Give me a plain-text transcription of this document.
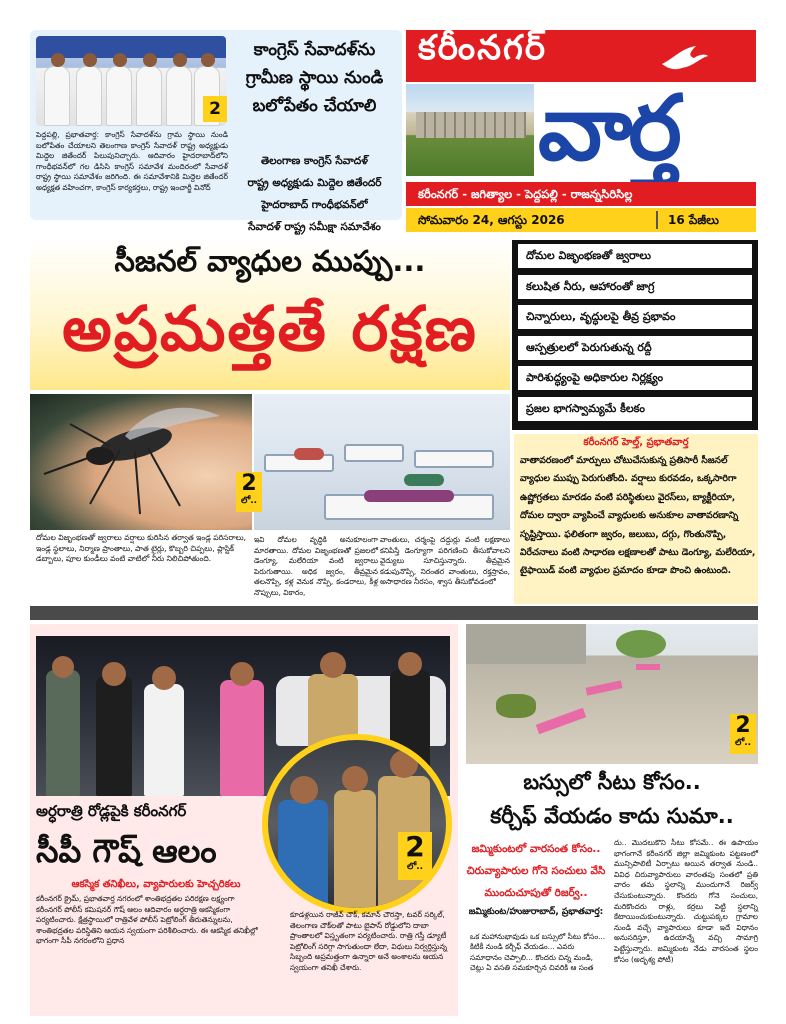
2
కాంగ్రెస్ సేవాదళ్‌ను గ్రామీణ స్థాయి నుండి బలోపేతం చేయాలి
తెలంగాణ కాంగ్రెస్ సేవాదళ్
రాష్ట్ర అధ్యక్షుడు మిద్దెల జితేందర్
హైదరాబాద్ గాంధీభవన్‌లో
సేవాదళ్ రాష్ట్ర సమీక్షా సమావేశం
పెద్దపల్లి, ప్రభాతవార్త: కాంగ్రెస్ సేవాదళ్‌ను గ్రామ స్థాయి నుండి బలోపేతం చేయాలని తెలంగాణ కాంగ్రెస్ సేవాదళ్ రాష్ట్ర అధ్యక్షుడు మిద్దెల జితేందర్ పిలుపునిచ్చారు. ఆదివారం హైదరాబాద్‌లోని గాంధీభవన్‌లో గల డిసిసి కాంగ్రెస్ సమావేశ మందిరంలో సేవాదళ్ రాష్ట్ర స్థాయి సమావేశం జరిగింది. ఈ సమావేశానికి మిద్దెల జితేందర్ అధ్యక్షత వహించగా, కాంగ్రెస్ కార్యకర్తలు, రాష్ట్ర ఇంచార్జీ వినోద్
కరీంనగర్
వార్త
కరీంనగర్ - జగిత్యాల - పెద్దపల్లి - రాజన్నసిరిసిల్ల
సోమవారం 24, ఆగస్టు 2026	16 పేజీలు
సీజనల్ వ్యాధుల ముప్పు...
అప్రమత్తతే రక్షణ
దోమల విజృంభణతో జ్వరాలు
కలుషిత నీరు, ఆహారంతో జాగ్ర
చిన్నారులు, వృద్ధులపై తీవ్ర ప్రభావం
ఆస్పత్రులలో పెరుగుతున్న రద్దీ
పారిశుద్ధ్యంపై అధికారుల నిర్లక్ష్యం
ప్రజల భాగస్వామ్యమే కీలకం
2
లో..
దోమల విజృంభణతో జ్వరాలు వర్షాలు కురిసిన తర్వాత ఇండ్ల పరిసరాలు, ఇండ్ల స్థలాలు, నిర్మాణ ప్రాంతాలు, పాత టైర్లు, కొబ్బరి చిప్పలు, ప్లాస్టిక్ డబ్బాలు, పూల కుండీలు వంటి వాటిలో నీరు నిలిచిపోతుంది.
ఇవి దోమల వృద్ధికి అనుకూలంగా మారతాయి. దోమల విజృంభణతో ప్రజలలో డెంగ్యూ, మలేరియా వంటి జ్వరాలు పెరుగుతాయి. అధిక జ్వరం, తీవ్రమైన తలనొప్పి, కళ్ల వెనుక నొప్పి, కండరాలు, కీళ్ల నొప్పులు, వికారం,
వాంతులు, చర్మంపై దద్దుర్లు వంటి లక్షణాలు కనిపిస్తే డెంగ్యూగా పరిగణించి తీసుకోవాలని వైద్యులు సూచిస్తున్నారు. తీవ్రమైన కడుపునొప్పి, నిరంతర వాంతులు, రక్తస్రావం, అసాధారణ నీరసం, శ్వాస తీసుకోవడంలో
కరీంనగర్ హెల్త్, ప్రభాతవార్త
వాతావరణంలో మార్పులు చోటుచేసుకున్న ప్రతిసారీ సీజనల్ వ్యాధుల ముప్పు పెరుగుతోంది. వర్షాలు కురవడం, ఒక్కసారిగా ఉష్ణోగ్రతలు మారడం వంటి పరిస్థితులు వైరస్‌లు, బ్యాక్టీరియా, దోమల ద్వారా వ్యాపించే వ్యాధులకు అనుకూల వాతావరణాన్ని సృష్టిస్తాయి. ఫలితంగా జ్వరం, జలుబు, దగ్గు, గొంతునొప్పి, విరేచనాలు వంటి సాధారణ లక్షణాలతో పాటు డెంగ్యూ, మలేరియా, టైఫాయిడ్ వంటి వ్యాధుల ప్రమాదం కూడా పొంచి ఉంటుంది.
2
లో..
అర్ధరాత్రి రోడ్లపైకి కరీంనగర్
సీపీ గౌష్ ఆలం
ఆకస్మిక తనిఖీలు, వ్యాపారులకు హెచ్చరికలు
కరీంనగర్ క్రైమ్, ప్రభాతవార్త నగరంలో శాంతిభద్రతల పరిరక్షణ లక్ష్యంగా కరీంనగర్ పోలీస్ కమిషనర్ గౌష్ ఆలం ఆదివారం అర్ధరాత్రి ఆకస్మికంగా పర్యటించారు. క్షేత్రస్థాయిలో రాత్రివేళ పోలీస్ పెట్రోలింగ్ తీరుతెన్నులను, శాంతిభద్రతల పరిస్థితిని ఆయన స్వయంగా పరిశీలించారు. ఈ ఆకస్మిక తనిఖీల్లో భాగంగా సీపీ నగరంలోని ప్రధాన
కూడళ్లయిన రాజీవ్ చౌక్, కమాన్ చౌరస్తా, టవర్ సర్కిల్, తెలంగాణ చౌక్‌లతో పాటు బైపాస్ రోడ్డులోని దాబా ప్రాంతాలలో విస్తృతంగా పర్యటించారు. రాత్రి గస్తీ డ్యూటీ పెట్రోలింగ్ సరిగ్గా సాగుతుందా లేదా, విధులు నిర్వర్తిస్తున్న సిబ్బంది అప్రమత్తంగా ఉన్నారా అనే అంశాలను ఆయన స్వయంగా తనిఖీ చేశారు.
2
లో..
బస్సులో సీటు కోసం..
కర్చీఫ్ వేయడం కాదు సుమా..
జమ్మికుంటలో వారసంత కోసం.. చిరువ్యాపారుల గోనె సంచులు వేసి ముందుచూపుతో రిజర్వ్..
జమ్మికుంట/హుజురాబాద్, ప్రభాతవార్త:
ఒక మహానుభావుడు ఒక బస్సులో సీటు కోసం... కిటికీ నుండి కర్చీఫ్ వేయడం... ఎవరు సమాధానం చెప్పాలి... కొందరు చిన్న మండి, చెట్లు ఏ వసతి సమకూర్చిన చివరికి ఆ సంత
దు.. మొదలుకొని సీటు కోసమే.. ఈ ఉపాయం భాగంగానే కరీంనగర్ జిల్లా జమ్మికుంట పట్టణంలో మున్సిపాలిటీ ఏర్పాటు అయిన తర్వాత నుండి.. వివిధ చిరువ్యాపారులు వారంతపు సంతలో ప్రతి వారం తమ స్థలాన్ని ముందుగానే రిజర్వ్ చేసుకుంటున్నారు. కొందరు గోనె సంచులు, మరికొందరు రాళ్లు, కర్రలు పెట్టి స్థలాన్ని కేటాయించుకుంటున్నారు. చుట్టుపక్కల గ్రామాల నుండి వచ్చే వ్యాపారులు కూడా ఇదే విధానం అనుసరిస్తూ, ఉదయాన్నే వచ్చి సామాగ్రి పెట్టేస్తున్నారు. జమ్మికుంట నేడు వారసంత స్థలం కోసం (అదృశ్య పోటీ)
